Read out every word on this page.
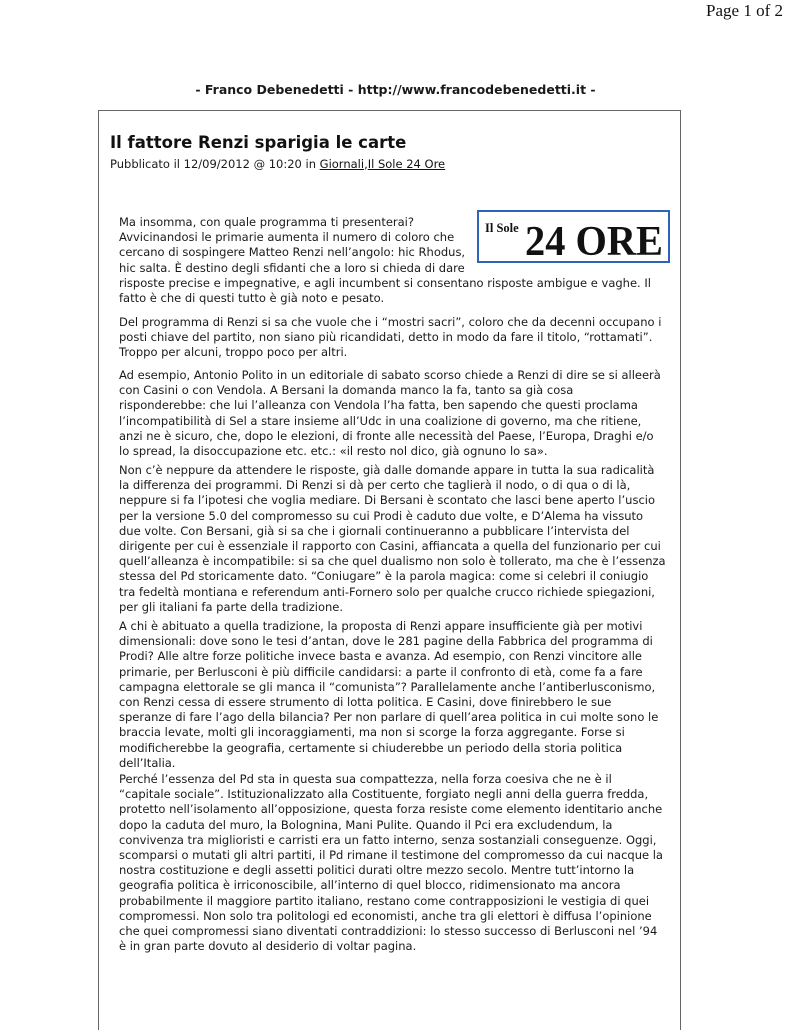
Page 1 of 2
- Franco Debenedetti - http://www.francodebenedetti.it -
Il fattore Renzi sparigia le carte
Pubblicato il 12/09/2012 @ 10:20 in Giornali,Il Sole 24 Ore
Il Sole 24 ORE
Ma insomma, con quale programma ti presenterai?
Avvicinandosi le primarie aumenta il numero di coloro che
cercano di sospingere Matteo Renzi nell’angolo: hic Rhodus,
hic salta. È destino degli sfidanti che a loro si chieda di dare
risposte precise e impegnative, e agli incumbent si consentano risposte ambigue e vaghe. Il
fatto è che di questi tutto è già noto e pesato.
Del programma di Renzi si sa che vuole che i “mostri sacri”, coloro che da decenni occupano i
posti chiave del partito, non siano più ricandidati, detto in modo da fare il titolo, “rottamati”.
Troppo per alcuni, troppo poco per altri.
Ad esempio, Antonio Polito in un editoriale di sabato scorso chiede a Renzi di dire se si alleerà
con Casini o con Vendola. A Bersani la domanda manco la fa, tanto sa già cosa
risponderebbe: che lui l’alleanza con Vendola l’ha fatta, ben sapendo che questi proclama
l’incompatibilità di Sel a stare insieme all’Udc in una coalizione di governo, ma che ritiene,
anzi ne è sicuro, che, dopo le elezioni, di fronte alle necessità del Paese, l’Europa, Draghi e/o
lo spread, la disoccupazione etc. etc.: «il resto nol dico, già ognuno lo sa».
Non c’è neppure da attendere le risposte, già dalle domande appare in tutta la sua radicalità
la differenza dei programmi. Di Renzi si dà per certo che taglierà il nodo, o di qua o di là,
neppure si fa l’ipotesi che voglia mediare. Di Bersani è scontato che lasci bene aperto l’uscio
per la versione 5.0 del compromesso su cui Prodi è caduto due volte, e D’Alema ha vissuto
due volte. Con Bersani, già si sa che i giornali continueranno a pubblicare l’intervista del
dirigente per cui è essenziale il rapporto con Casini, affiancata a quella del funzionario per cui
quell’alleanza è incompatibile: si sa che quel dualismo non solo è tollerato, ma che è l’essenza
stessa del Pd storicamente dato. “Coniugare” è la parola magica: come si celebri il coniugio
tra fedeltà montiana e referendum anti-Fornero solo per qualche crucco richiede spiegazioni,
per gli italiani fa parte della tradizione.
A chi è abituato a quella tradizione, la proposta di Renzi appare insufficiente già per motivi
dimensionali: dove sono le tesi d’antan, dove le 281 pagine della Fabbrica del programma di
Prodi? Alle altre forze politiche invece basta e avanza. Ad esempio, con Renzi vincitore alle
primarie, per Berlusconi è più difficile candidarsi: a parte il confronto di età, come fa a fare
campagna elettorale se gli manca il “comunista”? Parallelamente anche l’antiberlusconismo,
con Renzi cessa di essere strumento di lotta politica. E Casini, dove finirebbero le sue
speranze di fare l’ago della bilancia? Per non parlare di quell’area politica in cui molte sono le
braccia levate, molti gli incoraggiamenti, ma non si scorge la forza aggregante. Forse si
modificherebbe la geografia, certamente si chiuderebbe un periodo della storia politica
dell’Italia.
Perché l’essenza del Pd sta in questa sua compattezza, nella forza coesiva che ne è il
“capitale sociale”. Istituzionalizzato alla Costituente, forgiato negli anni della guerra fredda,
protetto nell’isolamento all’opposizione, questa forza resiste come elemento identitario anche
dopo la caduta del muro, la Bolognina, Mani Pulite. Quando il Pci era excludendum, la
convivenza tra miglioristi e carristi era un fatto interno, senza sostanziali conseguenze. Oggi,
scomparsi o mutati gli altri partiti, il Pd rimane il testimone del compromesso da cui nacque la
nostra costituzione e degli assetti politici durati oltre mezzo secolo. Mentre tutt’intorno la
geografia politica è irriconoscibile, all’interno di quel blocco, ridimensionato ma ancora
probabilmente il maggiore partito italiano, restano come contrapposizioni le vestigia di quei
compromessi. Non solo tra politologi ed economisti, anche tra gli elettori è diffusa l’opinione
che quei compromessi siano diventati contraddizioni: lo stesso successo di Berlusconi nel ’94
è in gran parte dovuto al desiderio di voltar pagina.
